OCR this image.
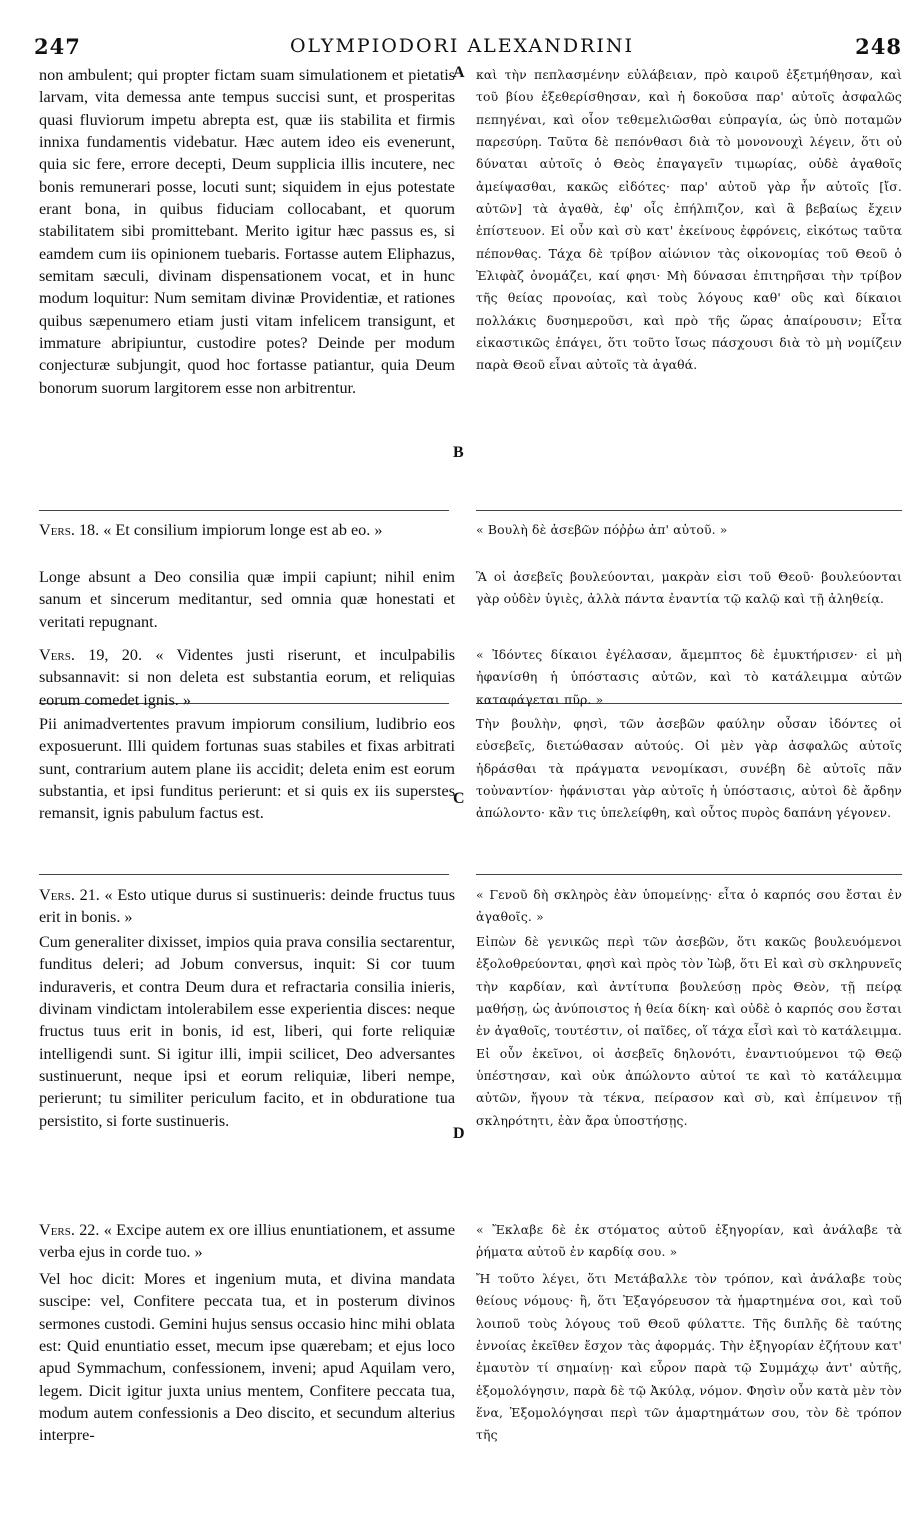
247	OLYMPIODORI ALEXANDRINI	248
A
B
C
D

non ambulent; qui propter fictam suam simulationem et pietatis larvam, vita demessa ante tempus succisi sunt, et prosperitas quasi fluviorum impetu abrepta est, quæ iis stabilita et firmis innixa fundamentis videbatur. Hæc autem ideo eis evenerunt, quia sic fere, errore decepti, Deum supplicia illis incutere, nec bonis remunerari posse, locuti sunt; siquidem in ejus potestate erant bona, in quibus fiduciam collocabant, et quorum stabilitatem sibi promittebant. Merito igitur hæc passus es, si eamdem cum iis opinionem tuebaris. Fortasse autem Eliphazus, semitam sæculi, divinam dispensationem vocat, et in hunc modum loquitur: Num semitam divinæ Providentiæ, et rationes quibus sæpenumero etiam justi vitam infelicem transigunt, et immature abripiuntur, custodire potes? Deinde per modum conjecturæ subjungit, quod hoc fortasse patiantur, quia Deum bonorum suorum largitorem esse non arbitrentur.

Vers. 18. « Et consilium impiorum longe est ab eo. »

Longe absunt a Deo consilia quæ impii capiunt; nihil enim sanum et sincerum meditantur, sed omnia quæ honestati et veritati repugnant.

Vers. 19, 20. « Videntes justi riserunt, et inculpabilis subsannavit: si non deleta est substantia eorum, et reliquias eorum comedet ignis. »

Pii animadvertentes pravum impiorum consilium, ludibrio eos exposuerunt. Illi quidem fortunas suas stabiles et fixas arbitrati sunt, contrarium autem plane iis accidit; deleta enim est eorum substantia, et ipsi funditus perierunt: et si quis ex iis superstes remansit, ignis pabulum factus est.

Vers. 21. « Esto utique durus si sustinueris: deinde fructus tuus erit in bonis. »

Cum generaliter dixisset, impios quia prava consilia sectarentur, funditus deleri; ad Jobum conversus, inquit: Si cor tuum induraveris, et contra Deum dura et refractaria consilia inieris, divinam vindictam intolerabilem esse experientia disces: neque fructus tuus erit in bonis, id est, liberi, qui forte reliquiæ intelligendi sunt. Si igitur illi, impii scilicet, Deo adversantes sustinuerunt, neque ipsi et eorum reliquiæ, liberi nempe, perierunt; tu similiter periculum facito, et in obduratione tua persistito, si forte sustinueris.

Vers. 22. « Excipe autem ex ore illius enuntiationem, et assume verba ejus in corde tuo. »

Vel hoc dicit: Mores et ingenium muta, et divina mandata suscipe: vel, Confitere peccata tua, et in posterum divinos sermones custodi. Gemini hujus sensus occasio hinc mihi oblata est: Quid enuntiatio esset, mecum ipse quærebam; et ejus loco apud Symmachum, confessionem, inveni; apud Aquilam vero, legem. Dicit igitur juxta unius mentem, Confitere peccata tua, modum autem confessionis a Deo discito, et secundum alterius interpre-

καὶ τὴν πεπλασμένην εὐλάβειαν, πρὸ καιροῦ ἐξετμήθησαν, καὶ τοῦ βίου ἐξεθερίσθησαν, καὶ ἡ δοκοῦσα παρ' αὐτοῖς ἀσφαλῶς πεπηγέναι, καὶ οἷον τεθεμελιῶσθαι εὐπραγία, ὡς ὑπὸ ποταμῶν παρεσύρη. Ταῦτα δὲ πεπόνθασι διὰ τὸ μονονουχὶ λέγειν, ὅτι οὐ δύναται αὐτοῖς ὁ Θεὸς ἐπαγαγεῖν τιμωρίας, οὐδὲ ἀγαθοῖς ἀμείψασθαι, κακῶς εἰδότες· παρ' αὐτοῦ γὰρ ἦν αὐτοῖς [ἴσ. αὐτῶν] τὰ ἀγαθὰ, ἐφ' οἷς ἐπήλπιζον, καὶ ἃ βεβαίως ἔχειν ἐπίστευον. Εἰ οὖν καὶ σὺ κατ' ἐκείνους ἐφρόνεις, εἰκότως ταῦτα πέπονθας. Τάχα δὲ τρίβον αἰώνιον τὰς οἰκονομίας τοῦ Θεοῦ ὁ Ἐλιφὰζ ὀνομάζει, καί φησι· Μὴ δύνασαι ἐπιτηρῆσαι τὴν τρίβον τῆς θείας προνοίας, καὶ τοὺς λόγους καθ' οὓς καὶ δίκαιοι πολλάκις δυσημεροῦσι, καὶ πρὸ τῆς ὥρας ἀπαίρουσιν; Εἶτα εἰκαστικῶς ἐπάγει, ὅτι τοῦτο ἴσως πάσχουσι διὰ τὸ μὴ νομίζειν παρὰ Θεοῦ εἶναι αὐτοῖς τὰ ἀγαθά.

« Βουλὴ δὲ ἀσεβῶν πόῤῥω ἀπ' αὐτοῦ. »

Ἃ οἱ ἀσεβεῖς βουλεύονται, μακρὰν εἰσι τοῦ Θεοῦ· βουλεύονται γὰρ οὐδὲν ὑγιὲς, ἀλλὰ πάντα ἐναντία τῷ καλῷ καὶ τῇ ἀληθείᾳ.

« Ἰδόντες δίκαιοι ἐγέλασαν, ἄμεμπτος δὲ ἐμυκτήρισεν· εἰ μὴ ἠφανίσθη ἡ ὑπόστασις αὐτῶν, καὶ τὸ κατάλειμμα αὐτῶν καταφάγεται πῦρ. »

Τὴν βουλὴν, φησὶ, τῶν ἀσεβῶν φαύλην οὖσαν ἰδόντες οἱ εὐσεβεῖς, διετώθασαν αὐτούς. Οἱ μὲν γὰρ ἀσφαλῶς αὐτοῖς ἡδράσθαι τὰ πράγματα νενομίκασι, συνέβη δὲ αὐτοῖς πᾶν τοὐναντίον· ἠφάνισται γὰρ αὐτοῖς ἡ ὑπόστασις, αὐτοὶ δὲ ἄρδην ἀπώλοντο· κἂν τις ὑπελείφθη, καὶ οὗτος πυρὸς δαπάνη γέγονεν.

« Γενοῦ δὴ σκληρὸς ἐὰν ὑπομείνῃς· εἶτα ὁ καρπός σου ἔσται ἐν ἀγαθοῖς. »

Εἰπὼν δὲ γενικῶς περὶ τῶν ἀσεβῶν, ὅτι κακῶς βουλευόμενοι ἐξολοθρεύονται, φησὶ καὶ πρὸς τὸν Ἰὼβ, ὅτι Εἰ καὶ σὺ σκληρυνεῖς τὴν καρδίαν, καὶ ἀντίτυπα βουλεύσῃ πρὸς Θεὸν, τῇ πείρᾳ μαθήσῃ, ὡς ἀνύποιστος ἡ θεία δίκη· καὶ οὐδὲ ὁ καρπός σου ἔσται ἐν ἀγαθοῖς, τουτέστιν, οἱ παῖδες, οἵ τάχα εἶσὶ καὶ τὸ κατάλειμμα. Εἰ οὖν ἐκεῖνοι, οἱ ἀσεβεῖς δηλονότι, ἐναντιούμενοι τῷ Θεῷ ὑπέστησαν, καὶ οὐκ ἀπώλοντο αὐτοί τε καὶ τὸ κατάλειμμα αὐτῶν, ἤγουν τὰ τέκνα, πείρασον καὶ σὺ, καὶ ἐπίμεινον τῇ σκληρότητι, ἐὰν ἄρα ὑποστήσῃς.

« Ἔκλαβε δὲ ἐκ στόματος αὐτοῦ ἐξηγορίαν, καὶ ἀνάλαβε τὰ ῥήματα αὐτοῦ ἐν καρδίᾳ σου. »

Ἤ τοῦτο λέγει, ὅτι Μετάβαλλε τὸν τρόπον, καὶ ἀνάλαβε τοὺς θείους νόμους· ἢ, ὅτι Ἐξαγόρευσον τὰ ἡμαρτημένα σοι, καὶ τοῦ λοιποῦ τοὺς λόγους τοῦ Θεοῦ φύλαττε. Τῆς διπλῆς δὲ ταύτης ἐννοίας ἐκεῖθεν ἔσχον τὰς ἀφορμάς. Τὴν ἐξηγορίαν ἐζήτουν κατ' ἐμαυτὸν τί σημαίνῃ· καὶ εὗρον παρὰ τῷ Συμμάχῳ ἀντ' αὐτῆς, ἐξομολόγησιν, παρὰ δὲ τῷ Ἀκύλᾳ, νόμον. Φησὶν οὖν κατὰ μὲν τὸν ἕνα, Ἐξομολόγησαι περὶ τῶν ἁμαρτημάτων σου, τὸν δὲ τρόπον τῆς
